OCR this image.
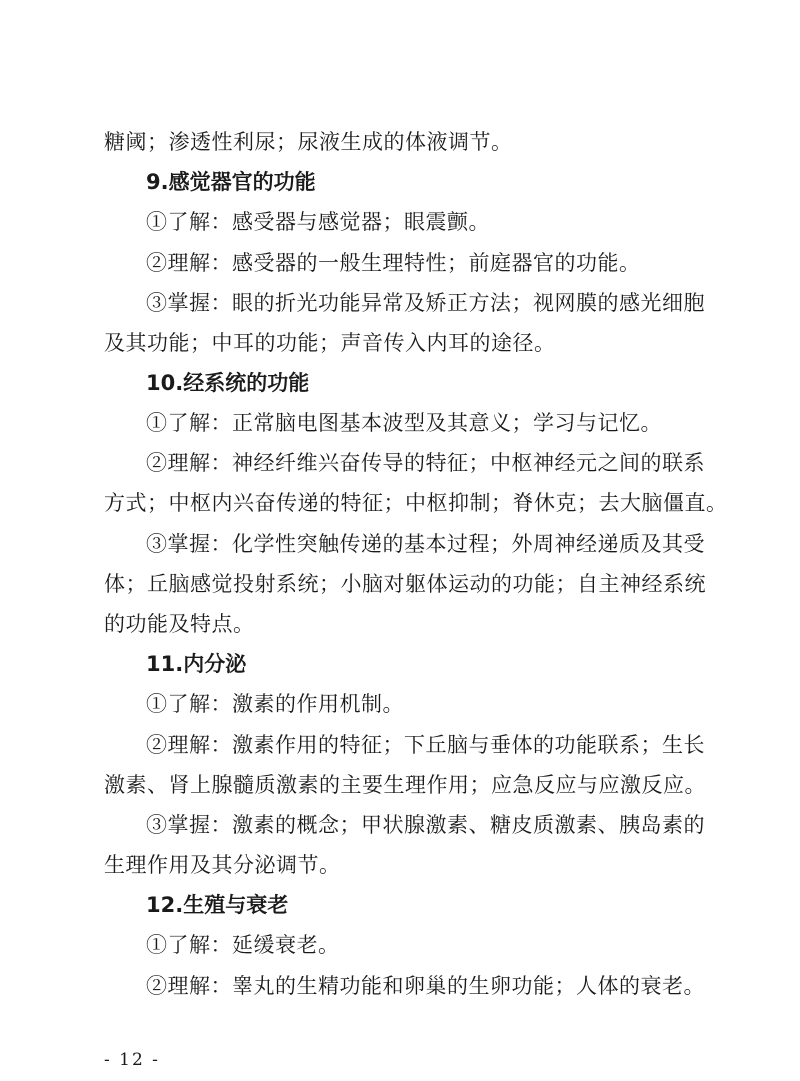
糖阈；渗透性利尿；尿液生成的体液调节。
9.感觉器官的功能
①了解：感受器与感觉器；眼震颤。
②理解：感受器的一般生理特性；前庭器官的功能。
③掌握：眼的折光功能异常及矫正方法；视网膜的感光细胞
及其功能；中耳的功能；声音传入内耳的途径。
10.经系统的功能
①了解：正常脑电图基本波型及其意义；学习与记忆。
②理解：神经纤维兴奋传导的特征；中枢神经元之间的联系
方式；中枢内兴奋传递的特征；中枢抑制；脊休克；去大脑僵直。
③掌握：化学性突触传递的基本过程；外周神经递质及其受
体；丘脑感觉投射系统；小脑对躯体运动的功能；自主神经系统
的功能及特点。
11.内分泌
①了解：激素的作用机制。
②理解：激素作用的特征；下丘脑与垂体的功能联系；生长
激素、肾上腺髓质激素的主要生理作用；应急反应与应激反应。
③掌握：激素的概念；甲状腺激素、糖皮质激素、胰岛素的
生理作用及其分泌调节。
12.生殖与衰老
①了解：延缓衰老。
②理解：睾丸的生精功能和卵巢的生卵功能；人体的衰老。
- 12 -
